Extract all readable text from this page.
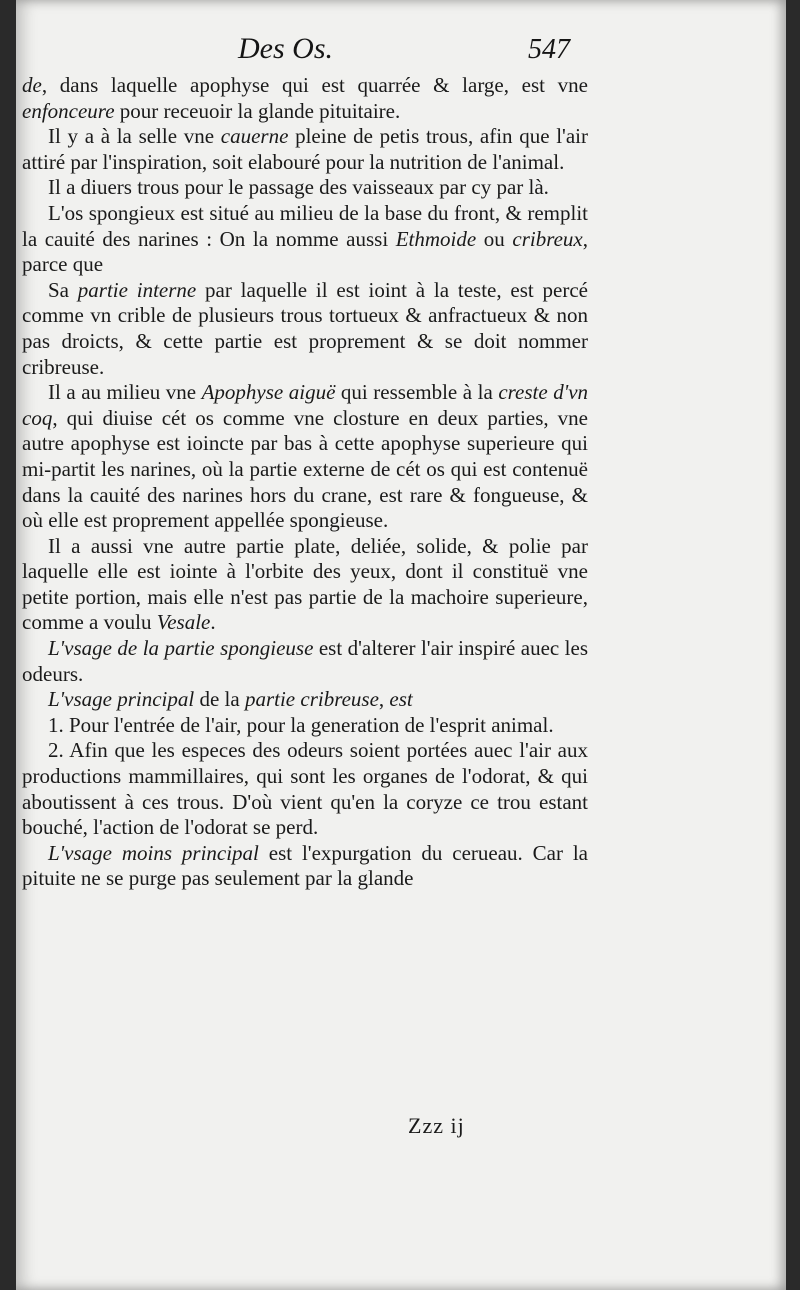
Des Os.	547

de, dans laquelle apophyse qui est quarrée & large, est vne enfonceure pour receuoir la glande pituitaire.

Il y a à la selle vne cauerne pleine de petis trous, afin que l'air attiré par l'inspiration, soit elabouré pour la nutrition de l'animal.

Il a diuers trous pour le passage des vaisseaux par cy par là.

L'os spongieux est situé au milieu de la base du front, & remplit la cauité des narines : On la nomme aussi Ethmoide ou cribreux, parce que

Sa partie interne par laquelle il est ioint à la teste, est percé comme vn crible de plusieurs trous tortueux & anfractueux & non pas droicts, & cette partie est proprement & se doit nommer cribreuse.

Il a au milieu vne Apophyse aiguë qui ressemble à la creste d'vn coq, qui diuise cét os comme vne closture en deux parties, vne autre apophyse est ioincte par bas à cette apophyse superieure qui mi-partit les narines, où la partie externe de cét os qui est contenuë dans la cauité des narines hors du crane, est rare & fongueuse, & où elle est proprement appellée spongieuse.

Il a aussi vne autre partie plate, deliée, solide, & polie par laquelle elle est iointe à l'orbite des yeux, dont il constituë vne petite portion, mais elle n'est pas partie de la machoire superieure, comme a voulu Vesale.

L'vsage de la partie spongieuse est d'alterer l'air inspiré auec les odeurs.

L'vsage principal de la partie cribreuse, est

1. Pour l'entrée de l'air, pour la generation de l'esprit animal.

2. Afin que les especes des odeurs soient portées auec l'air aux productions mammillaires, qui sont les organes de l'odorat, & qui aboutissent à ces trous. D'où vient qu'en la coryze ce trou estant bouché, l'action de l'odorat se perd.

L'vsage moins principal est l'expurgation du cerueau. Car la pituite ne se purge pas seulement par la glande

Zzz ij
